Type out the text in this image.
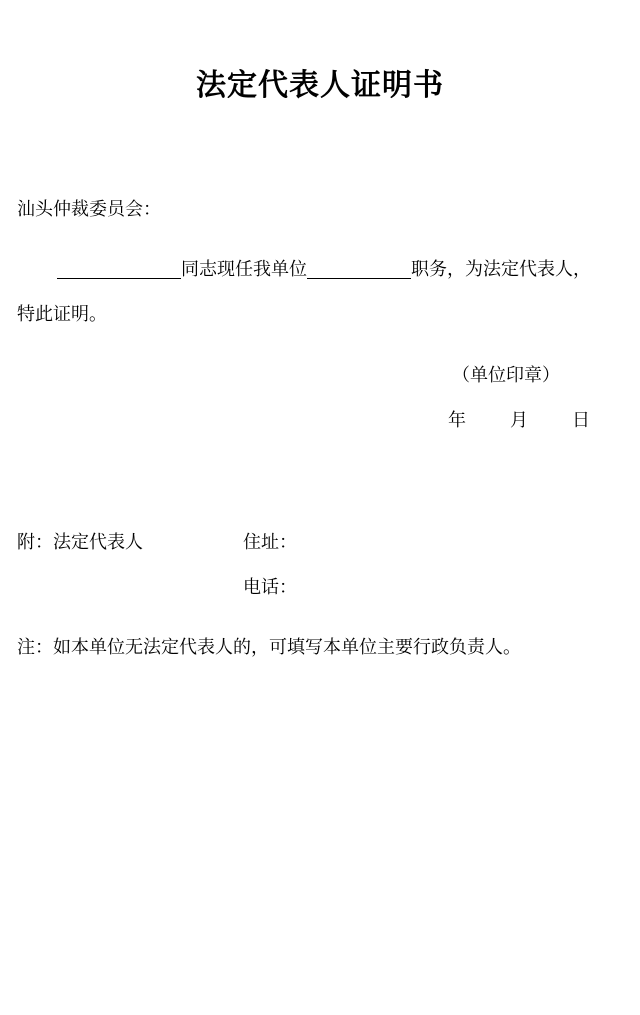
法定代表人证明书
汕头仲裁委员会：
同志现任我单位	职务，为法定代表人，
特此证明。
（单位印章）
年 月 日
附：法定代表人	住址：
电话：
注：如本单位无法定代表人的，可填写本单位主要行政负责人。
